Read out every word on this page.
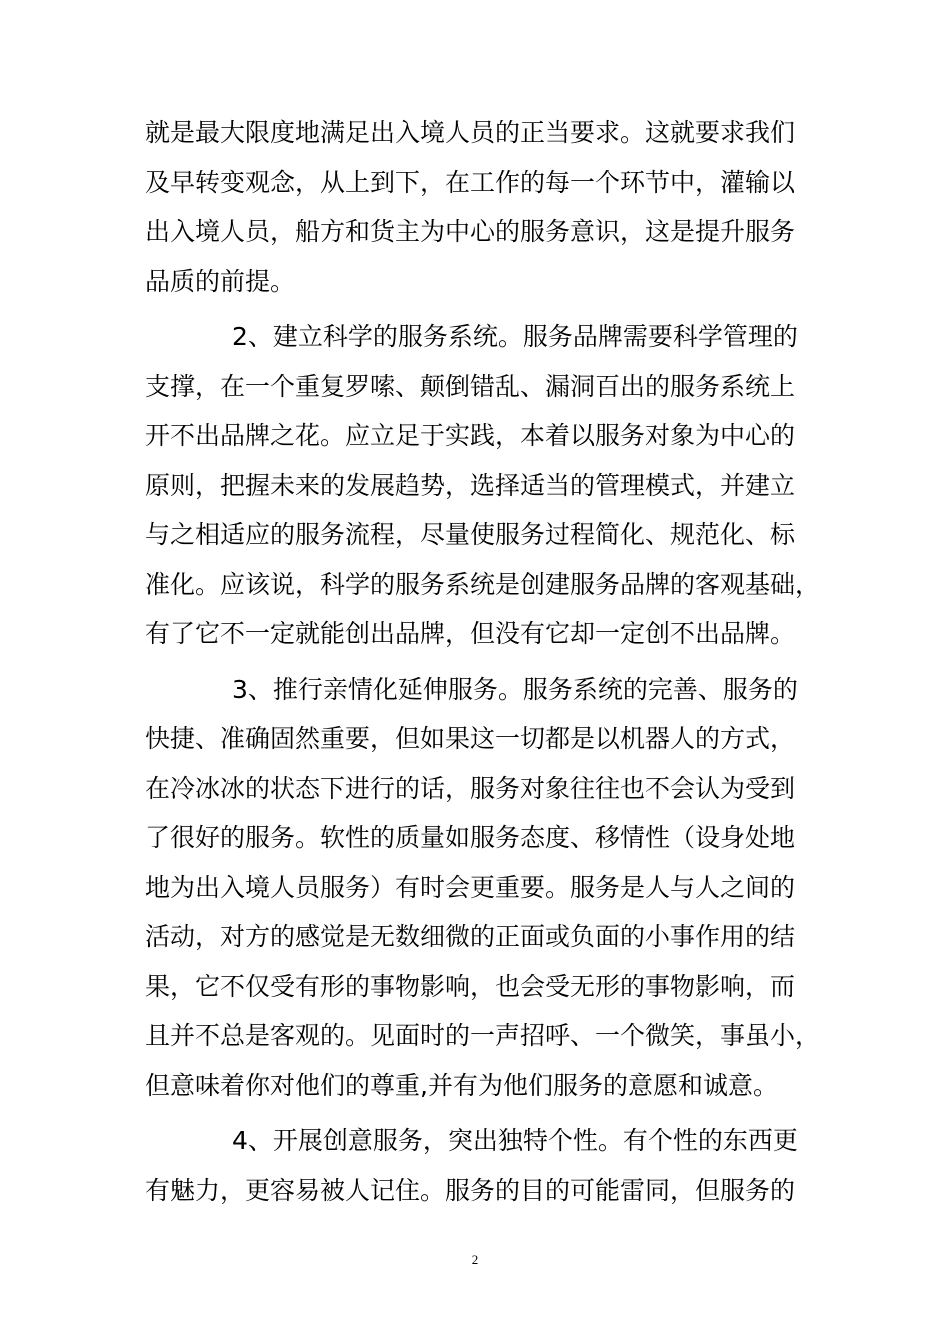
就是最大限度地满足出入境人员的正当要求。这就要求我们
及早转变观念，从上到下，在工作的每一个环节中，灌输以
出入境人员，船方和货主为中心的服务意识，这是提升服务
品质的前提。

2、建立科学的服务系统。服务品牌需要科学管理的
支撑，在一个重复罗嗦、颠倒错乱、漏洞百出的服务系统上
开不出品牌之花。应立足于实践，本着以服务对象为中心的
原则，把握未来的发展趋势，选择适当的管理模式，并建立
与之相适应的服务流程，尽量使服务过程简化、规范化、标
准化。应该说，科学的服务系统是创建服务品牌的客观基础，
有了它不一定就能创出品牌，但没有它却一定创不出品牌。

3、推行亲情化延伸服务。服务系统的完善、服务的
快捷、准确固然重要，但如果这一切都是以机器人的方式，
在冷冰冰的状态下进行的话，服务对象往往也不会认为受到
了很好的服务。软性的质量如服务态度、移情性（设身处地
地为出入境人员服务）有时会更重要。服务是人与人之间的
活动，对方的感觉是无数细微的正面或负面的小事作用的结
果，它不仅受有形的事物影响，也会受无形的事物影响，而
且并不总是客观的。见面时的一声招呼、一个微笑，事虽小，
但意味着你对他们的尊重,并有为他们服务的意愿和诚意。

4、开展创意服务，突出独特个性。有个性的东西更
有魅力，更容易被人记住。服务的目的可能雷同，但服务的

2
